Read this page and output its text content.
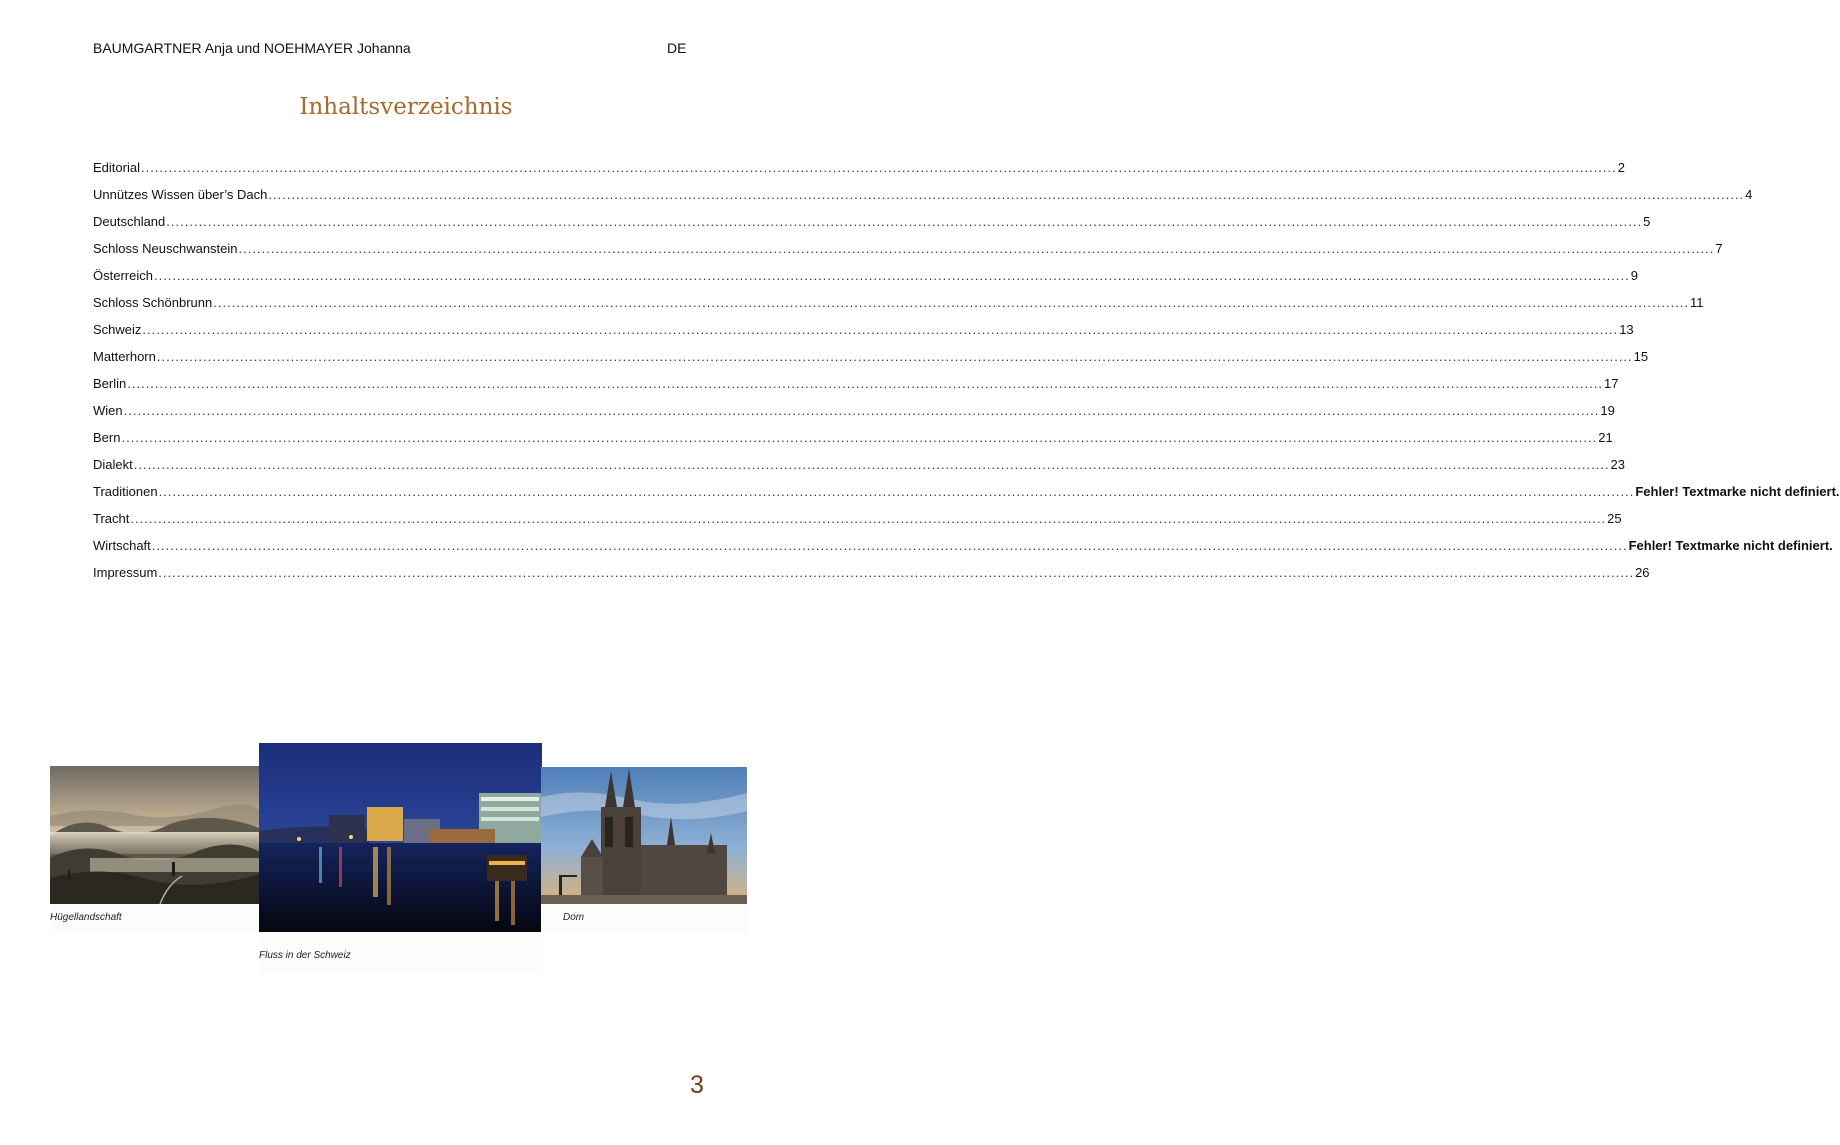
BAUMGARTNER Anja und NOEHMAYER Johanna	DE
Inhaltsverzeichnis
Editorial ................................................................................................................................................................................................................................................................................................................................ 2
Unnützes Wissen über’s Dach ................................................................................................................................................................................................................................................................................................................................ 4
Deutschland ................................................................................................................................................................................................................................................................................................................................ 5
Schloss Neuschwanstein ................................................................................................................................................................................................................................................................................................................................ 7
Österreich ................................................................................................................................................................................................................................................................................................................................ 9
Schloss Schönbrunn ................................................................................................................................................................................................................................................................................................................................ 11
Schweiz ................................................................................................................................................................................................................................................................................................................................ 13
Matterhorn ................................................................................................................................................................................................................................................................................................................................ 15
Berlin ................................................................................................................................................................................................................................................................................................................................ 17
Wien ................................................................................................................................................................................................................................................................................................................................ 19
Bern ................................................................................................................................................................................................................................................................................................................................ 21
Dialekt ................................................................................................................................................................................................................................................................................................................................ 23
Traditionen ................................................................................................................................................................................................................................................................................................................................ Fehler! Textmarke nicht definiert.
Tracht ................................................................................................................................................................................................................................................................................................................................ 25
Wirtschaft ................................................................................................................................................................................................................................................................................................................................ Fehler! Textmarke nicht definiert.
Impressum ................................................................................................................................................................................................................................................................................................................................ 26
Hügellandschaft
Fluss in der Schweiz
Dom
3
